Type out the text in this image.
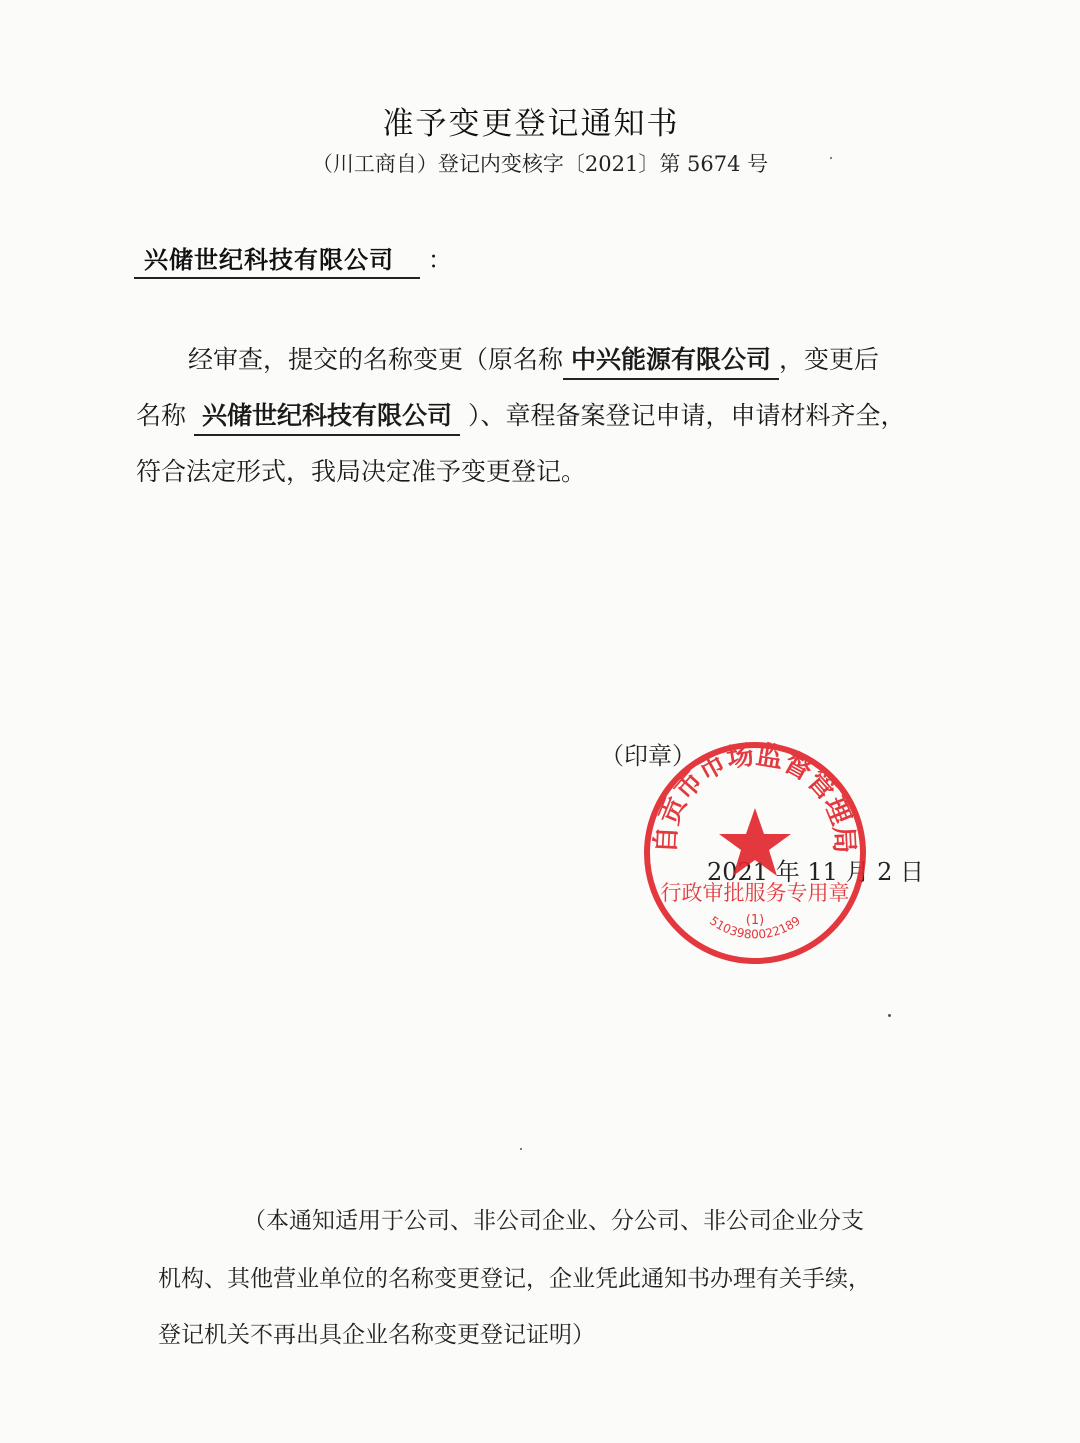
准予变更登记通知书
（川工商自）登记内变核字〔2021〕第 5674 号
兴储世纪科技有限公司 ：
经审查，提交的名称变更（原名称 中兴能源有限公司 ，变更后
名称 兴储世纪科技有限公司 ）、章程备案登记申请，申请材料齐全，
符合法定形式，我局决定准予变更登记。
（印章）
2021 年 11 月 2 日
自贡市市场监督管理局
行政审批服务专用章
(1)
5103980022189
（本通知适用于公司、非公司企业、分公司、非公司企业分支
机构、其他营业单位的名称变更登记，企业凭此通知书办理有关手续，
登记机关不再出具企业名称变更登记证明）
